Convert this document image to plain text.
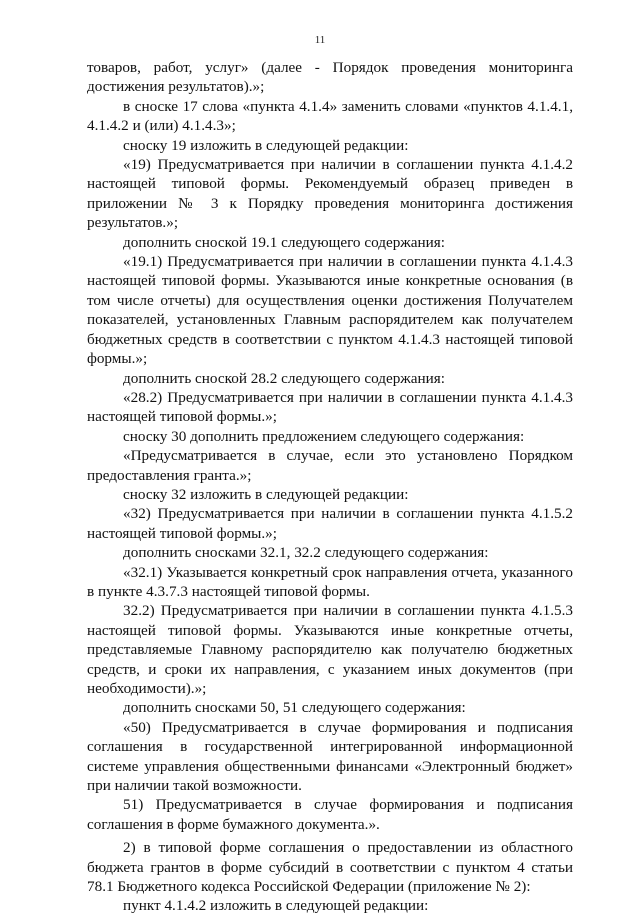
11

товаров, работ, услуг» (далее - Порядок проведения мониторинга достижения результатов).»;

в сноске 17 слова «пункта 4.1.4» заменить словами «пунктов 4.1.4.1, 4.1.4.2 и (или) 4.1.4.3»;

сноску 19 изложить в следующей редакции:

«19) Предусматривается при наличии в соглашении пункта 4.1.4.2 настоящей типовой формы. Рекомендуемый образец приведен в приложении № 3 к Порядку проведения мониторинга достижения результатов.»;

дополнить сноской 19.1 следующего содержания:

«19.1) Предусматривается при наличии в соглашении пункта 4.1.4.3 настоящей типовой формы. Указываются иные конкретные основания (в том числе отчеты) для осуществления оценки достижения Получателем показателей, установленных Главным распорядителем как получателем бюджетных средств в соответствии с пунктом 4.1.4.3 настоящей типовой формы.»;

дополнить сноской 28.2 следующего содержания:

«28.2) Предусматривается при наличии в соглашении пункта 4.1.4.3 настоящей типовой формы.»;

сноску 30 дополнить предложением следующего содержания:

«Предусматривается в случае, если это установлено Порядком предоставления гранта.»;

сноску 32 изложить в следующей редакции:

«32) Предусматривается при наличии в соглашении пункта 4.1.5.2 настоящей типовой формы.»;

дополнить сносками 32.1, 32.2 следующего содержания:

«32.1) Указывается конкретный срок направления отчета, указанного в пункте 4.3.7.3 настоящей типовой формы.

32.2) Предусматривается при наличии в соглашении пункта 4.1.5.3 настоящей типовой формы. Указываются иные конкретные отчеты, представляемые Главному распорядителю как получателю бюджетных средств, и сроки их направления, с указанием иных документов (при необходимости).»;

дополнить сносками 50, 51 следующего содержания:

«50) Предусматривается в случае формирования и подписания соглашения в государственной интегрированной информационной системе управления общественными финансами «Электронный бюджет» при наличии такой возможности.

51) Предусматривается в случае формирования и подписания соглашения в форме бумажного документа.».

2) в типовой форме соглашения о предоставлении из областного бюджета грантов в форме субсидий в соответствии с пунктом 4 статьи 78.1 Бюджетного кодекса Российской Федерации (приложение № 2):

пункт 4.1.4.2 изложить в следующей редакции:
